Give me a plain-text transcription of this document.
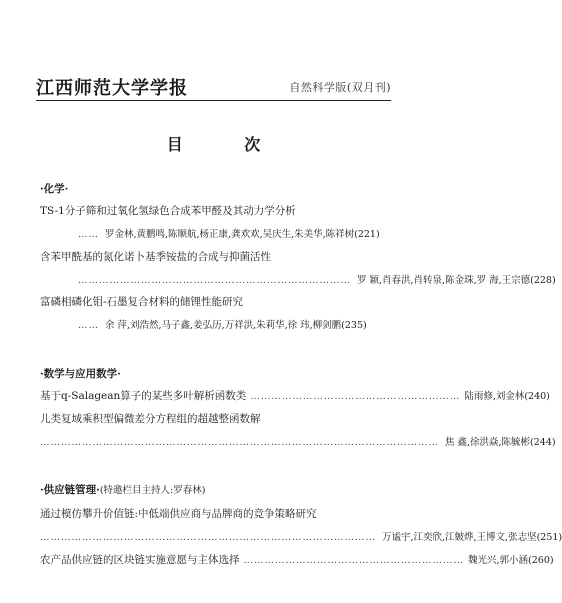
江西师范大学学报	自然科学版(双月刊)
目 次
·化学·
TS-1分子筛和过氧化氢绿色合成苯甲醛及其动力学分析
…… 罗金林,黄鹏鸣,陈顺航,杨正康,龚欢欢,吴庆生,朱美华,陈祥树(221)
含苯甲酰基的氮化诺卜基季铵盐的合成与抑菌活性
…………………………………………………………………… 罗 颖,肖春洪,肖转泉,陈金珠,罗 海,王宗德(228)
富磷相磷化钼-石墨复合材料的储锂性能研究
…… 余 萍,刘浩然,马子鑫,姜弘历,万祥洪,朱莉华,徐 玮,柳剑鹏(235)
·数学与应用数学·
基于q-Salagean算子的某些多叶解析函数类 …………………………………………………… 陆雨修,刘金林(240)
儿类复域乘积型偏微差分方程组的超越整函数解
…………………………………………………………………………………………………… 焦 鑫,徐洪焱,陈毓彬(244)
·供应链管理·(特邀栏目主持人:罗春林)
通过模仿攀升价值链:中低端供应商与品牌商的竞争策略研究
…………………………………………………………………………………… 万谧宇,江奕欣,江皴烨,王博文,张志坚(251)
农产品供应链的区块链实施意愿与主体选择 ……………………………………………………… 魏光兴,郭小涵(260)
